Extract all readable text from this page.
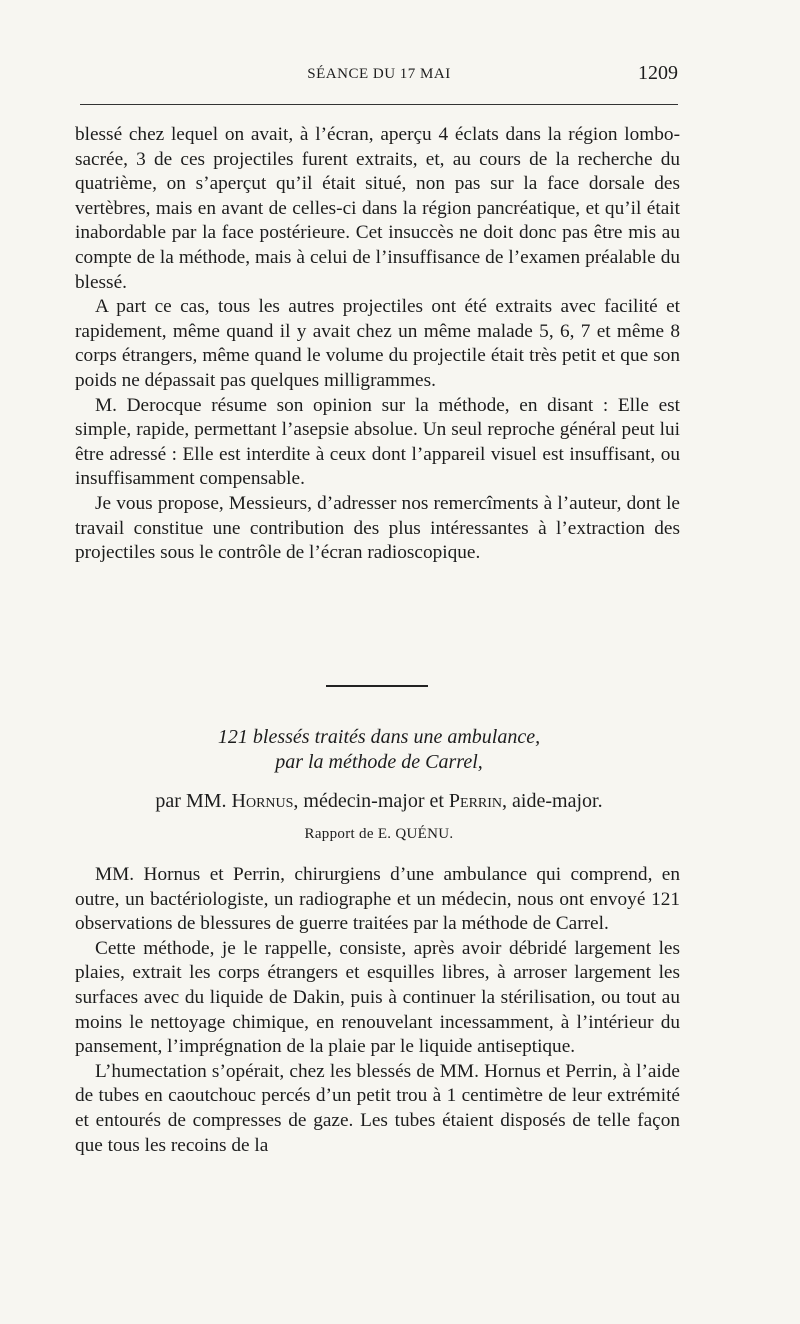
SÉANCE DU 17 MAI	1209

blessé chez lequel on avait, à l’écran, aperçu 4 éclats dans la région lombo-sacrée, 3 de ces projectiles furent extraits, et, au cours de la recherche du quatrième, on s’aperçut qu’il était situé, non pas sur la face dorsale des vertèbres, mais en avant de celles-ci dans la région pancréatique, et qu’il était inabordable par la face postérieure. Cet insuccès ne doit donc pas être mis au compte de la méthode, mais à celui de l’insuffisance de l’examen préalable du blessé.

A part ce cas, tous les autres projectiles ont été extraits avec facilité et rapidement, même quand il y avait chez un même malade 5, 6, 7 et même 8 corps étrangers, même quand le volume du projectile était très petit et que son poids ne dépassait pas quelques milligrammes.

M. Derocque résume son opinion sur la méthode, en disant : Elle est simple, rapide, permettant l’asepsie absolue. Un seul reproche général peut lui être adressé : Elle est interdite à ceux dont l’appareil visuel est insuffisant, ou insuffisamment compensable.

Je vous propose, Messieurs, d’adresser nos remercîments à l’auteur, dont le travail constitue une contribution des plus intéressantes à l’extraction des projectiles sous le contrôle de l’écran radioscopique.

121 blessés traités dans une ambulance,

par la méthode de Carrel,

par MM. Hornus, médecin-major et Perrin, aide-major.

Rapport de E. QUÉNU.

MM. Hornus et Perrin, chirurgiens d’une ambulance qui comprend, en outre, un bactériologiste, un radiographe et un médecin, nous ont envoyé 121 observations de blessures de guerre traitées par la méthode de Carrel.

Cette méthode, je le rappelle, consiste, après avoir débridé largement les plaies, extrait les corps étrangers et esquilles libres, à arroser largement les surfaces avec du liquide de Dakin, puis à continuer la stérilisation, ou tout au moins le nettoyage chimique, en renouvelant incessamment, à l’intérieur du pansement, l’imprégnation de la plaie par le liquide antiseptique.

L’humectation s’opérait, chez les blessés de MM. Hornus et Perrin, à l’aide de tubes en caoutchouc percés d’un petit trou à 1 centimètre de leur extrémité et entourés de compresses de gaze. Les tubes étaient disposés de telle façon que tous les recoins de la
